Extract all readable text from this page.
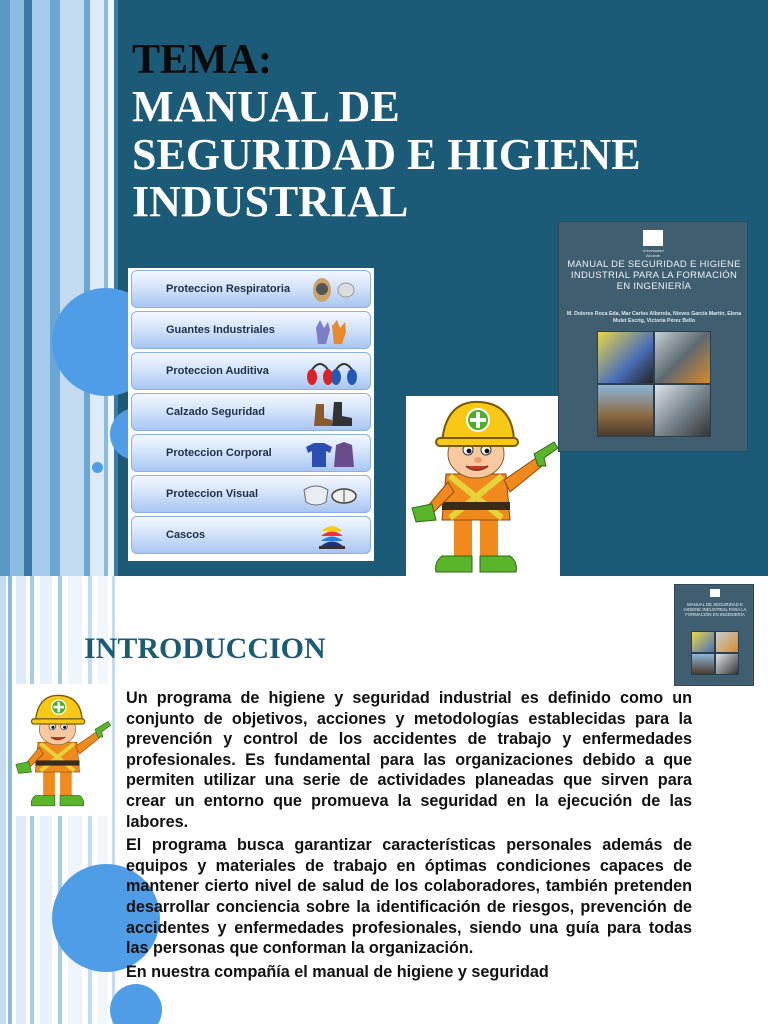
TEMA:
MANUAL DE
SEGURIDAD E HIGIENE
INDUSTRIAL
Proteccion Respiratoria
Guantes Industriales
Proteccion Auditiva
Calzado Seguridad
Proteccion Corporal
Proteccion Visual
Cascos
Universidad Alicante
MANUAL DE SEGURIDAD E HIGIENE INDUSTRIAL PARA LA FORMACIÓN EN INGENIERÍA
M. Dolores Roca Eda, Mar Carlos Alberola, Nieves García Martín, Elena Mulet Escrig, Victoria Pérez Bello
INTRODUCCION
MANUAL DE SEGURIDAD E HIGIENE INDUSTRIAL PARA LA FORMACIÓN EN INGENIERÍA

Un programa de higiene y seguridad industrial es definido como un conjunto de objetivos, acciones y metodologías establecidas para la prevención y control de los accidentes de trabajo y enfermedades profesionales. Es fundamental para las organizaciones debido a que permiten utilizar una serie de actividades planeadas que sirven para crear un entorno que promueva la seguridad en la ejecución de las labores.

El programa busca garantizar características personales además de equipos y materiales de trabajo en óptimas condiciones capaces de mantener cierto nivel de salud de los colaboradores, también pretenden desarrollar conciencia sobre la identificación de riesgos, prevención de accidentes y enfermedades profesionales, siendo una guía para todas las personas que conforman la organización.

En nuestra compañía el manual de higiene y seguridad
